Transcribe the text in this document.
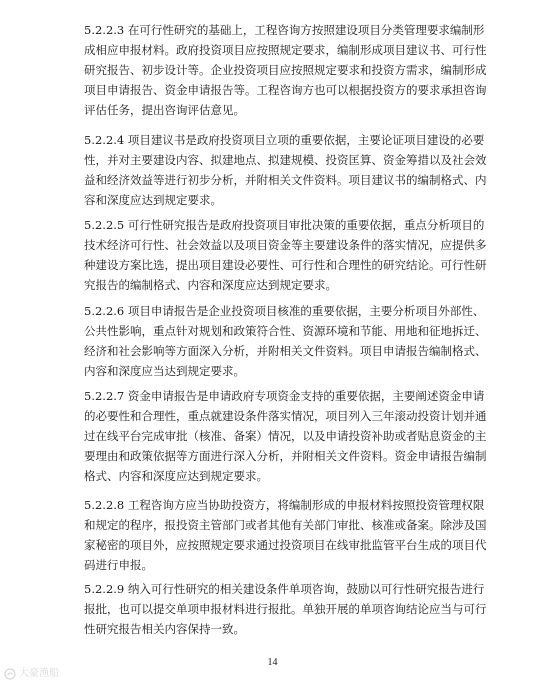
5.2.2.3 在可行性研究的基础上，工程咨询方按照建设项目分类管理要求编制形
成相应申报材料。政府投资项目应按照规定要求，编制形成项目建议书、可行性
研究报告、初步设计等。企业投资项目应按照规定要求和投资方需求，编制形成
项目申请报告、资金申请报告等。工程咨询方也可以根据投资方的要求承担咨询
评估任务，提出咨询评估意见。
5.2.2.4 项目建议书是政府投资项目立项的重要依据，主要论证项目建设的必要
性，并对主要建设内容、拟建地点、拟建规模、投资匡算、资金筹措以及社会效
益和经济效益等进行初步分析，并附相关文件资料。项目建议书的编制格式、内
容和深度应达到规定要求。
5.2.2.5 可行性研究报告是政府投资项目审批决策的重要依据，重点分析项目的
技术经济可行性、社会效益以及项目资金等主要建设条件的落实情况，应提供多
种建设方案比选，提出项目建设必要性、可行性和合理性的研究结论。可行性研
究报告的编制格式、内容和深度应达到规定要求。
5.2.2.6 项目申请报告是企业投资项目核准的重要依据，主要分析项目外部性、
公共性影响，重点针对规划和政策符合性、资源环境和节能、用地和征地拆迁、
经济和社会影响等方面深入分析，并附相关文件资料。项目申请报告编制格式、
内容和深度应当达到规定要求。
5.2.2.7 资金申请报告是申请政府专项资金支持的重要依据，主要阐述资金申请
的必要性和合理性，重点就建设条件落实情况，项目列入三年滚动投资计划并通
过在线平台完成审批（核准、备案）情况，以及申请投资补助或者贴息资金的主
要理由和政策依据等方面进行深入分析，并附相关文件资料。资金申请报告编制
格式、内容和深度应达到规定要求。
5.2.2.8 工程咨询方应当协助投资方，将编制形成的申报材料按照投资管理权限
和规定的程序，报投资主管部门或者其他有关部门审批、核准或备案。除涉及国
家秘密的项目外，应按照规定要求通过投资项目在线审批监管平台生成的项目代
码进行申报。
5.2.2.9 纳入可行性研究的相关建设条件单项咨询，鼓励以可行性研究报告进行
报批，也可以提交单项申报材料进行报批。单独开展的单项咨询结论应当与可行
性研究报告相关内容保持一致。
14
大豪渔船
